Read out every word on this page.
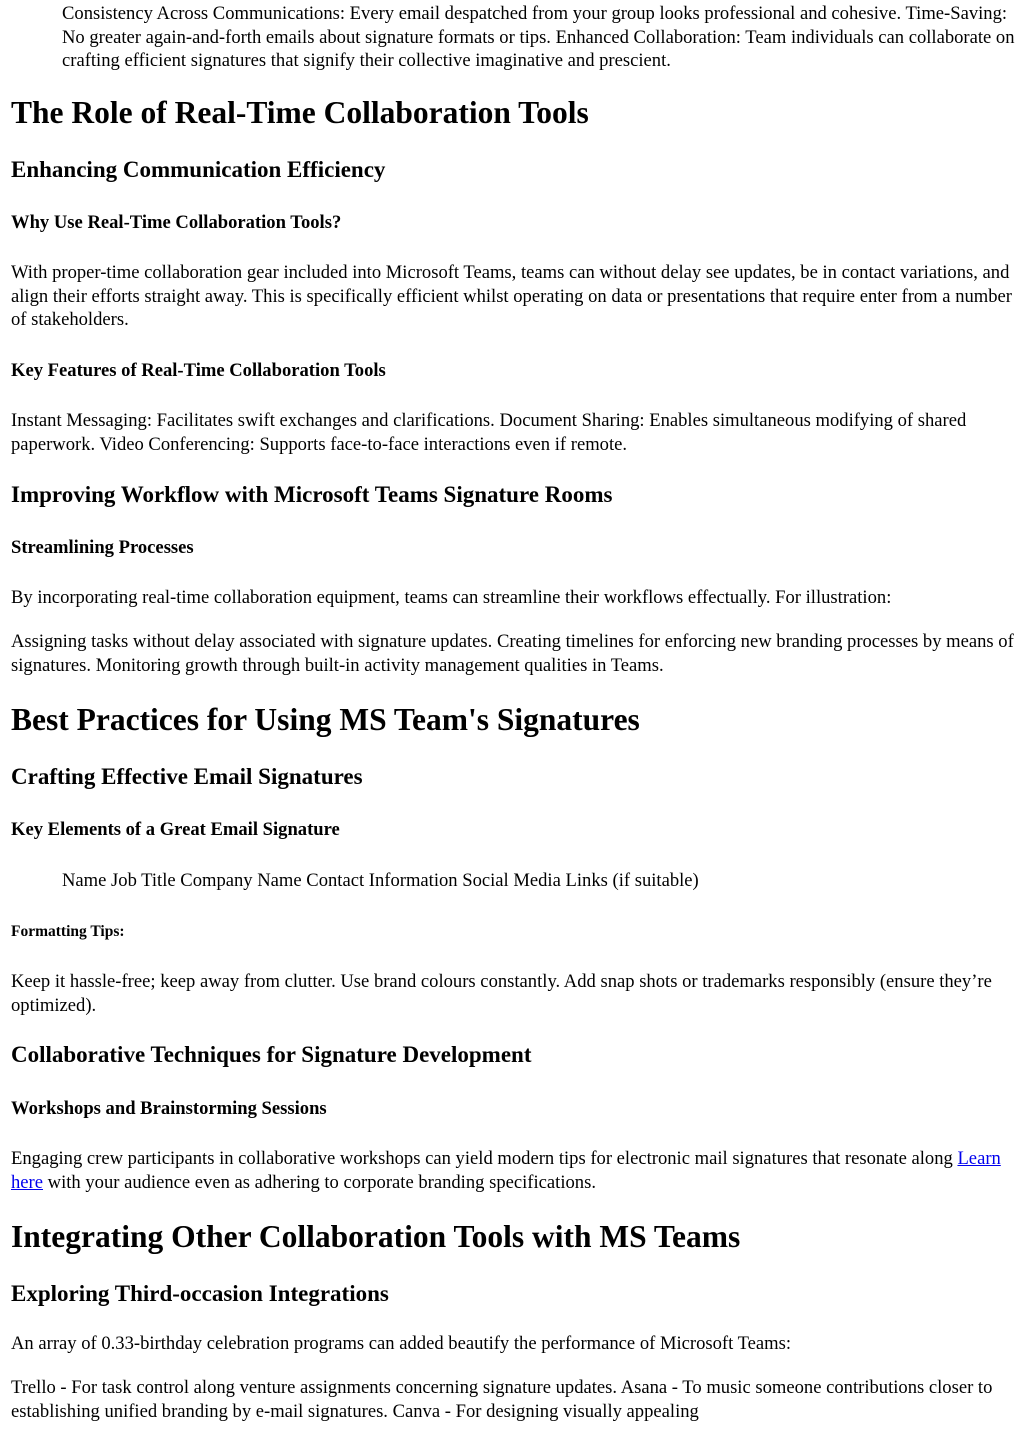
Consistency Across Communications: Every email despatched from your group looks professional and cohesive. Time-Saving: No greater again-and-forth emails about signature formats or tips. Enhanced Collaboration: Team individuals can collaborate on crafting efficient signatures that signify their collective imaginative and prescient.

The Role of Real-Time Collaboration Tools
Enhancing Communication Efficiency
Why Use Real-Time Collaboration Tools?

With proper-time collaboration gear included into Microsoft Teams, teams can without delay see updates, be in contact variations, and align their efforts straight away. This is specifically efficient whilst operating on data or presentations that require enter from a number of stakeholders.

Key Features of Real-Time Collaboration Tools

Instant Messaging: Facilitates swift exchanges and clarifications. Document Sharing: Enables simultaneous modifying of shared paperwork. Video Conferencing: Supports face-to-face interactions even if remote.

Improving Workflow with Microsoft Teams Signature Rooms
Streamlining Processes

By incorporating real-time collaboration equipment, teams can streamline their workflows effectually. For illustration:

Assigning tasks without delay associated with signature updates. Creating timelines for enforcing new branding processes by means of signatures. Monitoring growth through built-in activity management qualities in Teams.

Best Practices for Using MS Team's Signatures
Crafting Effective Email Signatures
Key Elements of a Great Email Signature

Name Job Title Company Name Contact Information Social Media Links (if suitable)

Formatting Tips:

Keep it hassle-free; keep away from clutter. Use brand colours constantly. Add snap shots or trademarks responsibly (ensure they’re optimized).

Collaborative Techniques for Signature Development
Workshops and Brainstorming Sessions

Engaging crew participants in collaborative workshops can yield modern tips for electronic mail signatures that resonate along Learn here with your audience even as adhering to corporate branding specifications.

Integrating Other Collaboration Tools with MS Teams
Exploring Third-occasion Integrations

An array of 0.33-birthday celebration programs can added beautify the performance of Microsoft Teams:

Trello - For task control along venture assignments concerning signature updates. Asana - To music someone contributions closer to establishing unified branding by e-mail signatures. Canva - For designing visually appealing
